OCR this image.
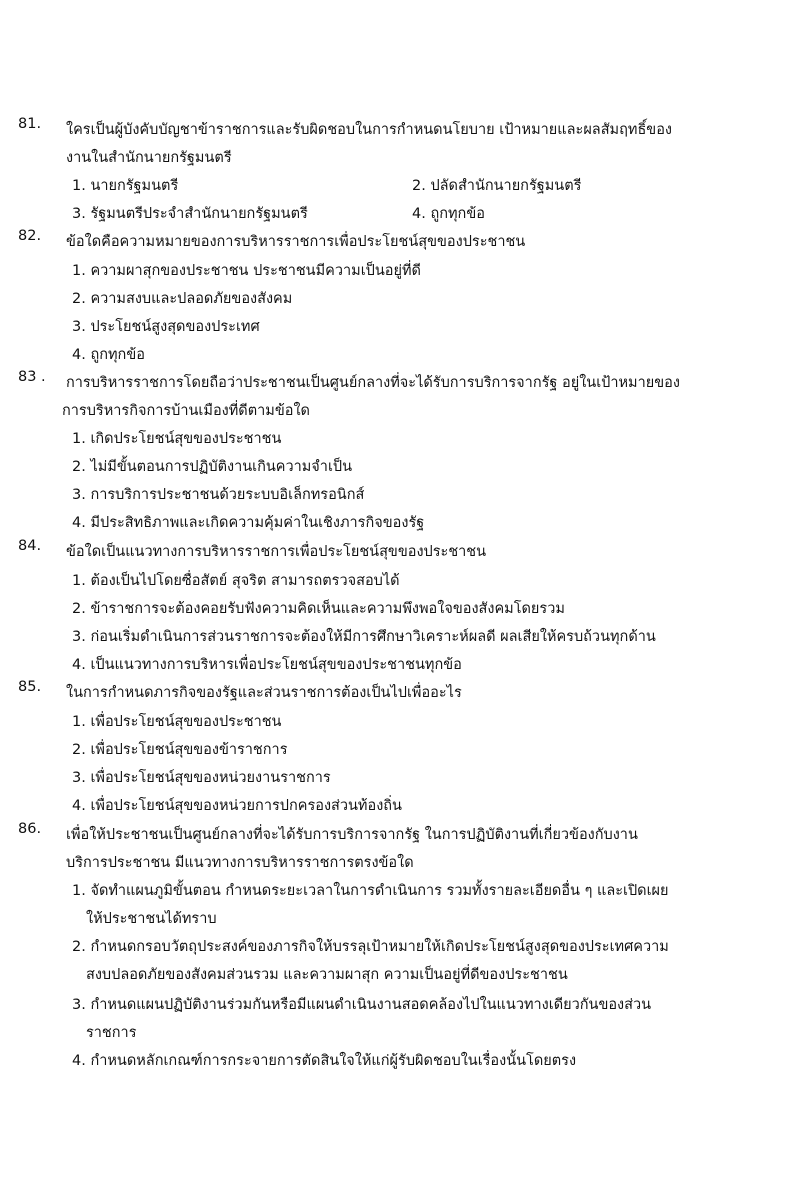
81. ใครเป็นผู้บังคับบัญชาข้าราชการและรับผิดชอบในการกำหนดนโยบาย เป้าหมายและผลสัมฤทธิ์ของ
งานในสำนักนายกรัฐมนตรี
1. นายกรัฐมนตรี	2. ปลัดสำนักนายกรัฐมนตรี
3. รัฐมนตรีประจำสำนักนายกรัฐมนตรี	4. ถูกทุกข้อ
82. ข้อใดคือความหมายของการบริหารราชการเพื่อประโยชน์สุขของประชาชน
1. ความผาสุกของประชาชน ประชาชนมีความเป็นอยู่ที่ดี
2. ความสงบและปลอดภัยของสังคม
3. ประโยชน์สูงสุดของประเทศ
4. ถูกทุกข้อ
83 . การบริหารราชการโดยถือว่าประชาชนเป็นศูนย์กลางที่จะได้รับการบริการจากรัฐ อยู่ในเป้าหมายของ
การบริหารกิจการบ้านเมืองที่ดีตามข้อใด
1. เกิดประโยชน์สุขของประชาชน
2. ไม่มีขั้นตอนการปฏิบัติงานเกินความจำเป็น
3. การบริการประชาชนด้วยระบบอิเล็กทรอนิกส์
4. มีประสิทธิภาพและเกิดความคุ้มค่าในเชิงภารกิจของรัฐ
84. ข้อใดเป็นแนวทางการบริหารราชการเพื่อประโยชน์สุขของประชาชน
1. ต้องเป็นไปโดยซื่อสัตย์ สุจริต สามารถตรวจสอบได้
2. ข้าราชการจะต้องคอยรับฟังความคิดเห็นและความพึงพอใจของสังคมโดยรวม
3. ก่อนเริ่มดำเนินการส่วนราชการจะต้องให้มีการศึกษาวิเคราะห์ผลดี ผลเสียให้ครบถ้วนทุกด้าน
4. เป็นแนวทางการบริหารเพื่อประโยชน์สุขของประชาชนทุกข้อ
85. ในการกำหนดภารกิจของรัฐและส่วนราชการต้องเป็นไปเพื่ออะไร
1. เพื่อประโยชน์สุขของประชาชน
2. เพื่อประโยชน์สุขของข้าราชการ
3. เพื่อประโยชน์สุขของหน่วยงานราชการ
4. เพื่อประโยชน์สุขของหน่วยการปกครองส่วนท้องถิ่น
86. เพื่อให้ประชาชนเป็นศูนย์กลางที่จะได้รับการบริการจากรัฐ ในการปฏิบัติงานที่เกี่ยวข้องกับงาน
บริการประชาชน มีแนวทางการบริหารราชการตรงข้อใด
1. จัดทำแผนภูมิขั้นตอน กำหนดระยะเวลาในการดำเนินการ รวมทั้งรายละเอียดอื่น ๆ และเปิดเผย
ให้ประชาชนได้ทราบ
2. กำหนดกรอบวัตถุประสงค์ของภารกิจให้บรรลุเป้าหมายให้เกิดประโยชน์สูงสุดของประเทศความ
สงบปลอดภัยของสังคมส่วนรวม และความผาสุก ความเป็นอยู่ที่ดีของประชาชน
3. กำหนดแผนปฏิบัติงานร่วมกันหรือมีแผนดำเนินงานสอดคล้องไปในแนวทางเดียวกันของส่วน
ราชการ
4. กำหนดหลักเกณฑ์การกระจายการตัดสินใจให้แก่ผู้รับผิดชอบในเรื่องนั้นโดยตรง
